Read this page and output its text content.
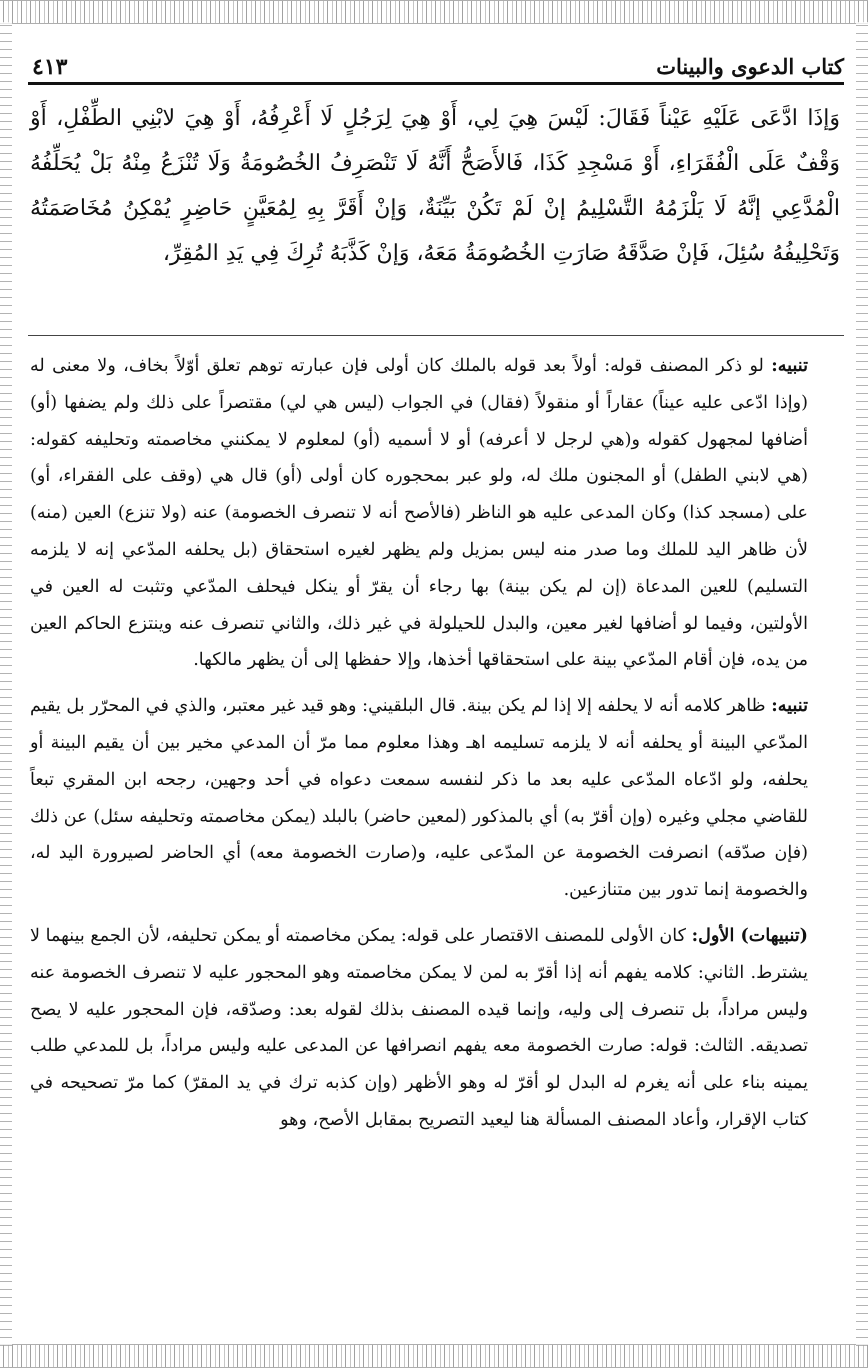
كتاب الدعوى والبينات
٤١٣
وَإذَا ادَّعَى عَلَيْهِ عَيْناً فَقَالَ: لَيْسَ هِيَ لِي، أَوْ هِيَ لِرَجُلٍ لَا أَعْرِفُهُ، أَوْ هِيَ لابْنِي الطِّفْلِ، أَوْ وَقْفٌ عَلَى الْفُقَرَاءِ، أَوْ مَسْجِدِ كَذَا، فَالأَصَحُّ أَنَّهُ لَا تَنْصَرِفُ الخُصُومَةُ وَلَا تُنْزَعُ مِنْهُ بَلْ يُحَلِّفُهُ الْمُدَّعِي إنَّهُ لَا يَلْزَمُهُ التَّسْلِيمُ إنْ لَمْ تَكُنْ بَيِّنَةٌ، وَإنْ أَقَرَّ بِهِ لِمُعَيَّنٍ حَاضِرٍ يُمْكِنُ مُخَاصَمَتُهُ وَتَحْلِيفُهُ سُئِلَ، فَإنْ صَدَّقَهُ صَارَتِ الخُصُومَةُ مَعَهُ، وَإنْ كَذَّبَهُ تُرِكَ فِي يَدِ المُقِرِّ،

تنبيه: لو ذكر المصنف قوله: أولاً بعد قوله بالملك كان أولى فإن عبارته توهم تعلق أوّلاً بخاف، ولا معنى له (وإذا ادّعى عليه عيناً) عقاراً أو منقولاً (فقال) في الجواب (ليس هي لي) مقتصراً على ذلك ولم يضفها (أو) أضافها لمجهول كقوله و(هي لرجل لا أعرفه) أو لا أسميه (أو) لمعلوم لا يمكنني مخاصمته وتحليفه كقوله: (هي لابني الطفل) أو المجنون ملك له، ولو عبر بمحجوره كان أولى (أو) قال هي (وقف على الفقراء، أو) على (مسجد كذا) وكان المدعى عليه هو الناظر (فالأصح أنه لا تنصرف الخصومة) عنه (ولا تنزع) العين (منه) لأن ظاهر اليد للملك وما صدر منه ليس بمزيل ولم يظهر لغيره استحقاق (بل يحلفه المدّعي إنه لا يلزمه التسليم) للعين المدعاة (إن لم يكن بينة) بها رجاء أن يقرّ أو ينكل فيحلف المدّعي وتثبت له العين في الأولتين، وفيما لو أضافها لغير معين، والبدل للحيلولة في غير ذلك، والثاني تنصرف عنه وينتزع الحاكم العين من يده، فإن أقام المدّعي بينة على استحقاقها أخذها، وإلا حفظها إلى أن يظهر مالكها.

تنبيه: ظاهر كلامه أنه لا يحلفه إلا إذا لم يكن بينة. قال البلقيني: وهو قيد غير معتبر، والذي في المحرّر بل يقيم المدّعي البينة أو يحلفه أنه لا يلزمه تسليمه اهـ وهذا معلوم مما مرّ أن المدعي مخير بين أن يقيم البينة أو يحلفه، ولو ادّعاه المدّعى عليه بعد ما ذكر لنفسه سمعت دعواه في أحد وجهين، رجحه ابن المقري تبعاً للقاضي مجلي وغيره (وإن أقرّ به) أي بالمذكور (لمعين حاضر) بالبلد (يمكن مخاصمته وتحليفه سئل) عن ذلك (فإن صدّقه) انصرفت الخصومة عن المدّعى عليه، و(صارت الخصومة معه) أي الحاضر لصيرورة اليد له، والخصومة إنما تدور بين متنازعين.

(تنبيهات) الأول: كان الأولى للمصنف الاقتصار على قوله: يمكن مخاصمته أو يمكن تحليفه، لأن الجمع بينهما لا يشترط. الثاني: كلامه يفهم أنه إذا أقرّ به لمن لا يمكن مخاصمته وهو المحجور عليه لا تنصرف الخصومة عنه وليس مراداً، بل تنصرف إلى وليه، وإنما قيده المصنف بذلك لقوله بعد: وصدّقه، فإن المحجور عليه لا يصح تصديقه. الثالث: قوله: صارت الخصومة معه يفهم انصرافها عن المدعى عليه وليس مراداً، بل للمدعي طلب يمينه بناء على أنه يغرم له البدل لو أقرّ له وهو الأظهر (وإن كذبه ترك في يد المقرّ) كما مرّ تصحيحه في كتاب الإقرار، وأعاد المصنف المسألة هنا ليعيد التصريح بمقابل الأصح، وهو
